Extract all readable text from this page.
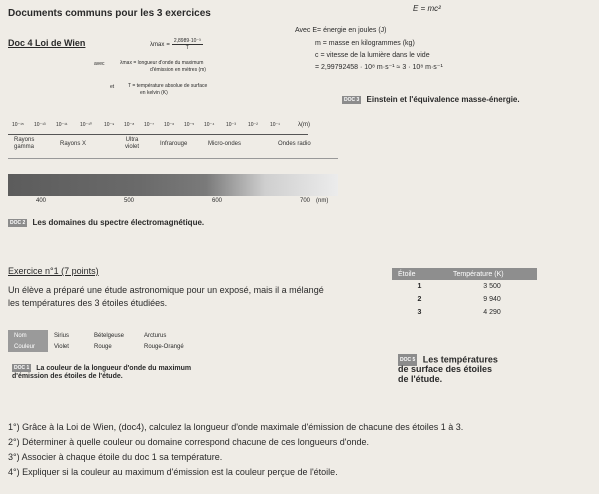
Documents communs pour les 3 exercices	E = mc²
Doc 4 Loi de Wien	$\lambda\max = \frac{\text{2,8989·10⁻³}}{T}$
avec	λmax = longueur d'onde du maximum
d'émission en mètres (m)
et	T = température absolue de surface
en kelvin (K)
Avec E= énergie en joules (J)
m = masse en kilogrammes (kg)
c = vitesse de la lumière dans le vide
= 2,99792458 · 10⁸ m·s⁻¹ ≈ 3 · 10⁸ m·s⁻¹
DOC 3 Einstein et l'équivalence masse-énergie.
10⁻¹⁵ 10⁻¹³ 10⁻¹¹ 10⁻¹⁰ 10⁻⁹ 10⁻⁸ 10⁻⁷ 10⁻⁶ 10⁻⁵ 10⁻⁴ 10⁻³ 10⁻² 10⁻¹	λ(m)
Rayons gamma	Rayons X
Ultra violet	Infrarouge	Micro-ondes	Ondes radio
400	500	600	700 (nm)
DOC 2 Les domaines du spectre électromagnétique.
Exercice n°1 (7 points)
Un élève a préparé une étude astronomique pour un exposé, mais il a mélangé
les températures des 3 étoiles étudiées.
Étoile	Température (K)
1	3 500
2	9 940
3	4 290
DOC 5 Les températures
de surface des étoiles
de l'étude.
Nom	Sirius	Bételgeuse	Arcturus
Couleur	Violet	Rouge	Rouge-Orangé
DOC 1 La couleur de la longueur d'onde du maximum
d'émission des étoiles de l'étude.
1°) Grâce à la Loi de Wien, (doc4), calculez la longueur d'onde maximale d'émission de chacune des étoiles 1 à 3.
2°) Déterminer à quelle couleur ou domaine correspond chacune de ces longueurs d'onde.
3°) Associer à chaque étoile du doc 1 sa température.
4°) Expliquer si la couleur au maximum d'émission est la couleur perçue de l'étoile.
